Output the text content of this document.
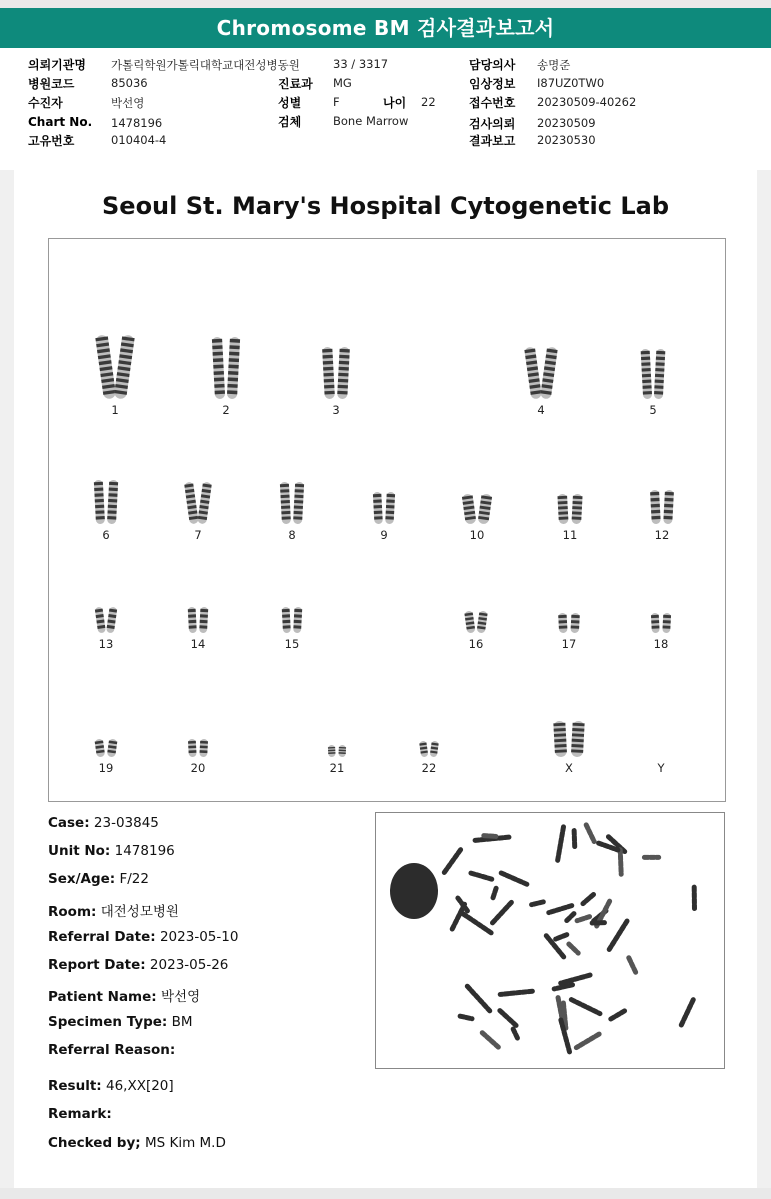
Chromosome BM 검사결과보고서
의뢰기관명 가톨릭학원가톨릭대학교대전성병동원	33 / 3317	담당의사 송명준
병원코드	85036	진료과 MG	임상정보 I87UZ0TW0
수진자	박선영	성별	F	나이 22	접수번호 20230509-40262
Chart No. 1478196	검체	Bone Marrow	검사의뢰 20230509
고유번호	010404-4	결과보고 20230530
Seoul St. Mary's Hospital Cytogenetic Lab
1	2	3	4	5
6	7	8	9	10	11	12
13	14	15	16	17	18
19	20	21	22	X	Y
Case: 23-03845
Unit No: 1478196
Sex/Age: F/22
Room: 대전성모병원
Referral Date: 2023-05-10
Report Date: 2023-05-26
Patient Name: 박선영
Specimen Type: BM
Referral Reason:
Result: 46,XX[20]
Remark:
Checked by; MS Kim M.D
